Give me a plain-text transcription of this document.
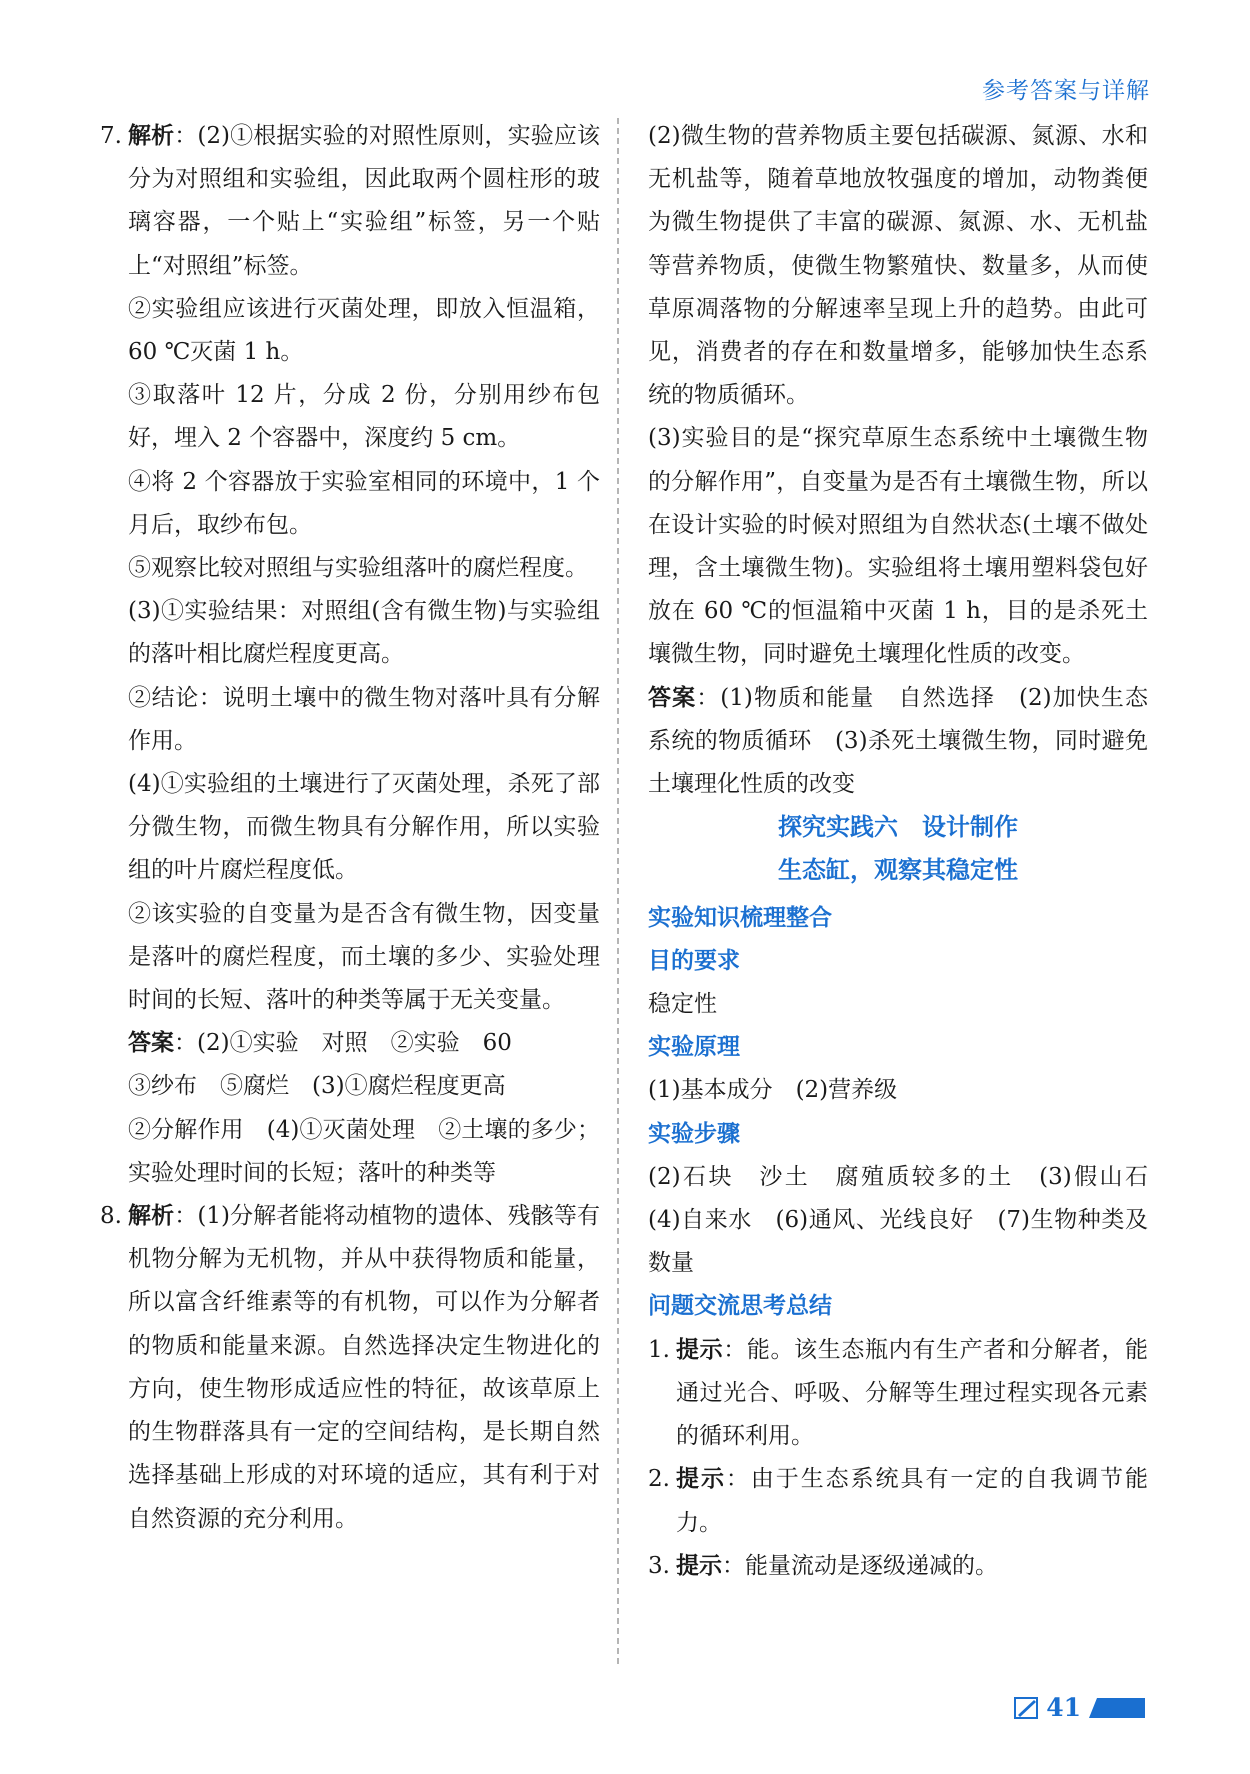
参考答案与详解
7. 解析：(2)①根据实验的对照性原则，实验应该分为对照组和实验组，因此取两个圆柱形的玻璃容器，一个贴上“实验组”标签，另一个贴上“对照组”标签。

②实验组应该进行灭菌处理，即放入恒温箱，60 ℃灭菌 1 h。

③取落叶 12 片，分成 2 份，分别用纱布包好，埋入 2 个容器中，深度约 5 cm。

④将 2 个容器放于实验室相同的环境中，1 个月后，取纱布包。

⑤观察比较对照组与实验组落叶的腐烂程度。

(3)①实验结果：对照组(含有微生物)与实验组的落叶相比腐烂程度更高。

②结论：说明土壤中的微生物对落叶具有分解作用。

(4)①实验组的土壤进行了灭菌处理，杀死了部分微生物，而微生物具有分解作用，所以实验组的叶片腐烂程度低。

②该实验的自变量为是否含有微生物，因变量是落叶的腐烂程度，而土壤的多少、实验处理时间的长短、落叶的种类等属于无关变量。

答案：(2)①实验　对照　②实验　60

③纱布　⑤腐烂　(3)①腐烂程度更高

②分解作用　(4)①灭菌处理　②土壤的多少；实验处理时间的长短；落叶的种类等

8. 解析：(1)分解者能将动植物的遗体、残骸等有机物分解为无机物，并从中获得物质和能量，所以富含纤维素等的有机物，可以作为分解者的物质和能量来源。自然选择决定生物进化的方向，使生物形成适应性的特征，故该草原上的生物群落具有一定的空间结构，是长期自然选择基础上形成的对环境的适应，其有利于对自然资源的充分利用。

(2)微生物的营养物质主要包括碳源、氮源、水和无机盐等，随着草地放牧强度的增加，动物粪便为微生物提供了丰富的碳源、氮源、水、无机盐等营养物质，使微生物繁殖快、数量多，从而使草原凋落物的分解速率呈现上升的趋势。由此可见，消费者的存在和数量增多，能够加快生态系统的物质循环。

(3)实验目的是“探究草原生态系统中土壤微生物的分解作用”，自变量为是否有土壤微生物，所以在设计实验的时候对照组为自然状态(土壤不做处理，含土壤微生物)。实验组将土壤用塑料袋包好放在 60 ℃的恒温箱中灭菌 1 h，目的是杀死土壤微生物，同时避免土壤理化性质的改变。

答案：(1)物质和能量　自然选择　(2)加快生态系统的物质循环　(3)杀死土壤微生物，同时避免土壤理化性质的改变

探究实践六　设计制作
生态缸，观察其稳定性
实验知识梳理整合
目的要求

稳定性

实验原理

(1)基本成分　(2)营养级

实验步骤

(2)石块　沙土　腐殖质较多的土　(3)假山石　(4)自来水　(6)通风、光线良好　(7)生物种类及数量

问题交流思考总结
1. 提示：能。该生态瓶内有生产者和分解者，能通过光合、呼吸、分解等生理过程实现各元素的循环利用。

2. 提示：由于生态系统具有一定的自我调节能力。

3. 提示：能量流动是逐级递减的。

41
